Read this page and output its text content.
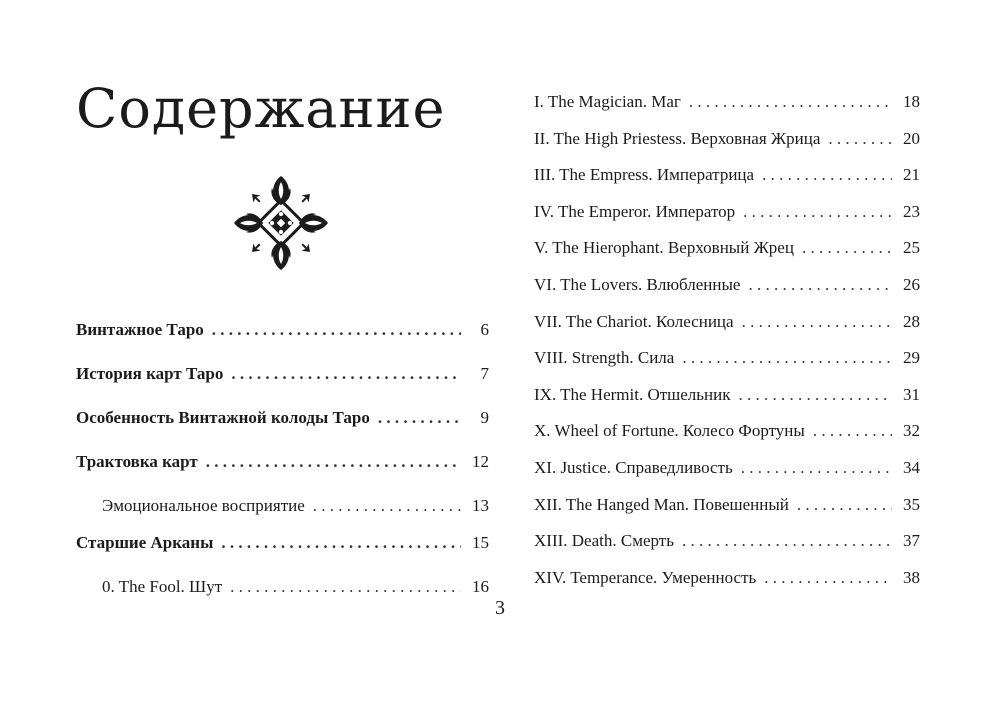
Содержание
Винтажное Таро . . .	6
История карт Таро . . .	7
Особенность Винтажной колоды Таро . . .	9
Трактовка карт . . .	12
Эмоциональное восприятие . . .	13
Старшие Арканы . . .	15
0. The Fool. Шут . . .	16
I. The Magician. Маг . . .	18
II. The High Priestess. Верховная Жрица . . .	20
III. The Empress. Императрица . . .	21
IV. The Emperor. Император . . .	23
V. The Hierophant. Верховный Жрец . . .	25
VI. The Lovers. Влюбленные . . .	26
VII. The Chariot. Колесница . . .	28
VIII. Strength. Сила . . .	29
IX. The Hermit. Отшельник . . .	31
X. Wheel of Fortune. Колесо Фортуны . . .	32
XI. Justice. Справедливость . . .	34
XII. The Hanged Man. Повешенный . . .	35
XIII. Death. Смерть . . .	37
XIV. Temperance. Умеренность . . .	38
3
